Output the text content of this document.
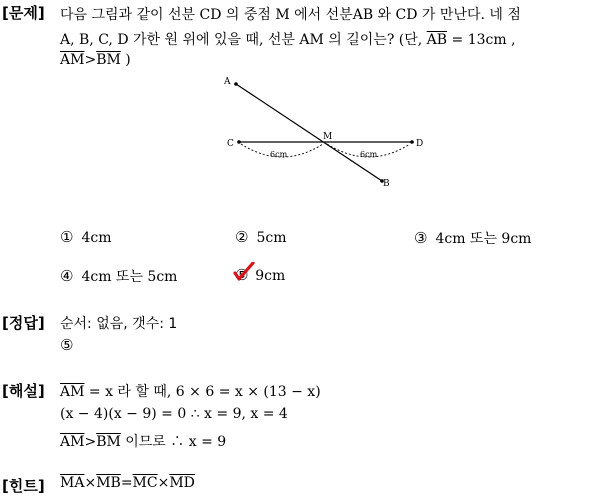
[문제] 다음 그림과 같이 선분 CD 의 중점 M 에서 선분AB 와 CD 가 만난다. 네 점
A, B, C, D 가한 원 위에 있을 때, 선분 AM 의 길이는? (단, $\overline{AB} = 13cm$ ,
$\overline{AM}>\overline{BM}$ )
A
B
C	D
M
6cm	6cm
① 4cm	② 5cm	③ 4cm 또는 9cm
④ 4cm 또는 5cm	⑤ 9cm
[정답] 순서: 없음, 갯수: 1
⑤
[해설] $\overline{AM} = x$ 라 할 때, 6 × 6 = x × (13 − x)
(x − 4)(x − 9) = 0 ∴ x = 9, x = 4
$\overline{AM}>\overline{BM}$ 이므로 ∴ x = 9
[힌트] $\overline{MA}\times\overline{MB}=\overline{MC}\times\overline{MD}$
